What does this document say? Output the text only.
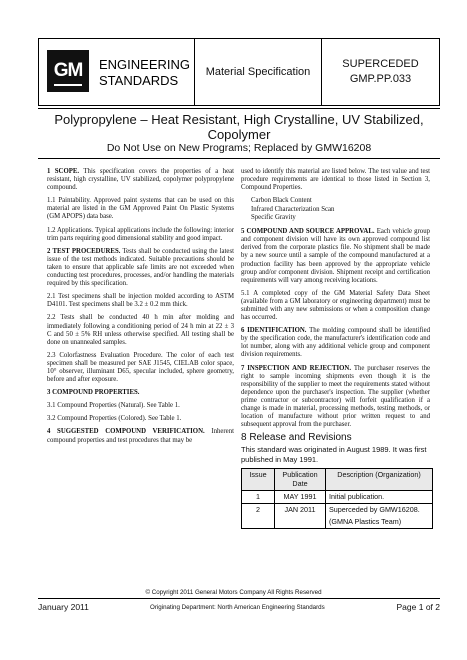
GM ENGINEERING
STANDARDS
Material Specification
SUPERCEDED
GMP.PP.033
Polypropylene – Heat Resistant, High Crystalline, UV Stabilized,
Copolymer
Do Not Use on New Programs; Replaced by GMW16208

1 SCOPE. This specification covers the properties of a heat resistant, high crystalline, UV stabilized, copolymer polypropylene compound.

1.1 Paintability. Approved paint systems that can be used on this material are listed in the GM Approved Paint On Plastic Systems (GM APOPS) data base.

1.2 Applications. Typical applications include the following: interior trim parts requiring good dimensional stability and good impact.

2 TEST PROCEDURES. Tests shall be conducted using the latest issue of the test methods indicated. Suitable precautions should be taken to ensure that applicable safe limits are not exceeded when conducting test procedures, processes, and/or handling the materials required by this specification.

2.1 Test specimens shall be injection molded according to ASTM D4101. Test specimens shall be 3.2 ± 0.2 mm thick.

2.2 Tests shall be conducted 40 h min after molding and immediately following a conditioning period of 24 h min at 22 ± 3 C and 50 ± 5% RH unless otherwise specified. All testing shall be done on unannealed samples.

2.3 Colorfastness Evaluation Procedure. The color of each test specimen shall be measured per SAE J1545, CIELAB color space, 10° observer, illuminant D65, specular included, sphere geometry, before and after exposure.

3 COMPOUND PROPERTIES.

3.1 Compound Properties (Natural). See Table 1.

3.2 Compound Properties (Colored). See Table 1.

4 SUGGESTED COMPOUND VERIFICATION. Inherent compound properties and test procedures that may be

used to identify this material are listed below. The test value and test procedure requirements are identical to those listed in Section 3, Compound Properties.

Carbon Black Content
Infrared Characterization Scan
Specific Gravity

5 COMPOUND AND SOURCE APPROVAL. Each vehicle group and component division will have its own approved compound list derived from the corporate plastics file. No shipment shall be made by a new source until a sample of the compound manufactured at a production facility has been approved by the appropriate vehicle group and/or component division. Shipment receipt and certification requirements will vary among receiving locations.

5.1 A completed copy of the GM Material Safety Data Sheet (available from a GM laboratory or engineering department) must be submitted with any new submissions or when a composition change has occurred.

6 IDENTIFICATION. The molding compound shall be identified by the specification code, the manufacturer's identification code and lot number, along with any additional vehicle group and component division requirements.

7 INSPECTION AND REJECTION. The purchaser reserves the right to sample incoming shipments even though it is the responsibility of the supplier to meet the requirements stated without dependence upon the purchaser's inspection. The supplier (whether prime contractor or subcontractor) will forfeit qualification if a change is made in material, processing methods, testing methods, or location of manufacture without prior written request to and subsequent approval from the purchaser.

8 Release and Revisions
This standard was originated in August 1989. It was first published in May 1991.
Issue	Publication Date	Description (Organization)
1	MAY 1991	Initial publication.
2	JAN 2011	Superceded by GMW16208.
(GMNA Plastics Team)
© Copyright 2011 General Motors Company All Rights Reserved
January 2011	Originating Department: North American Engineering Standards	Page 1 of 2
